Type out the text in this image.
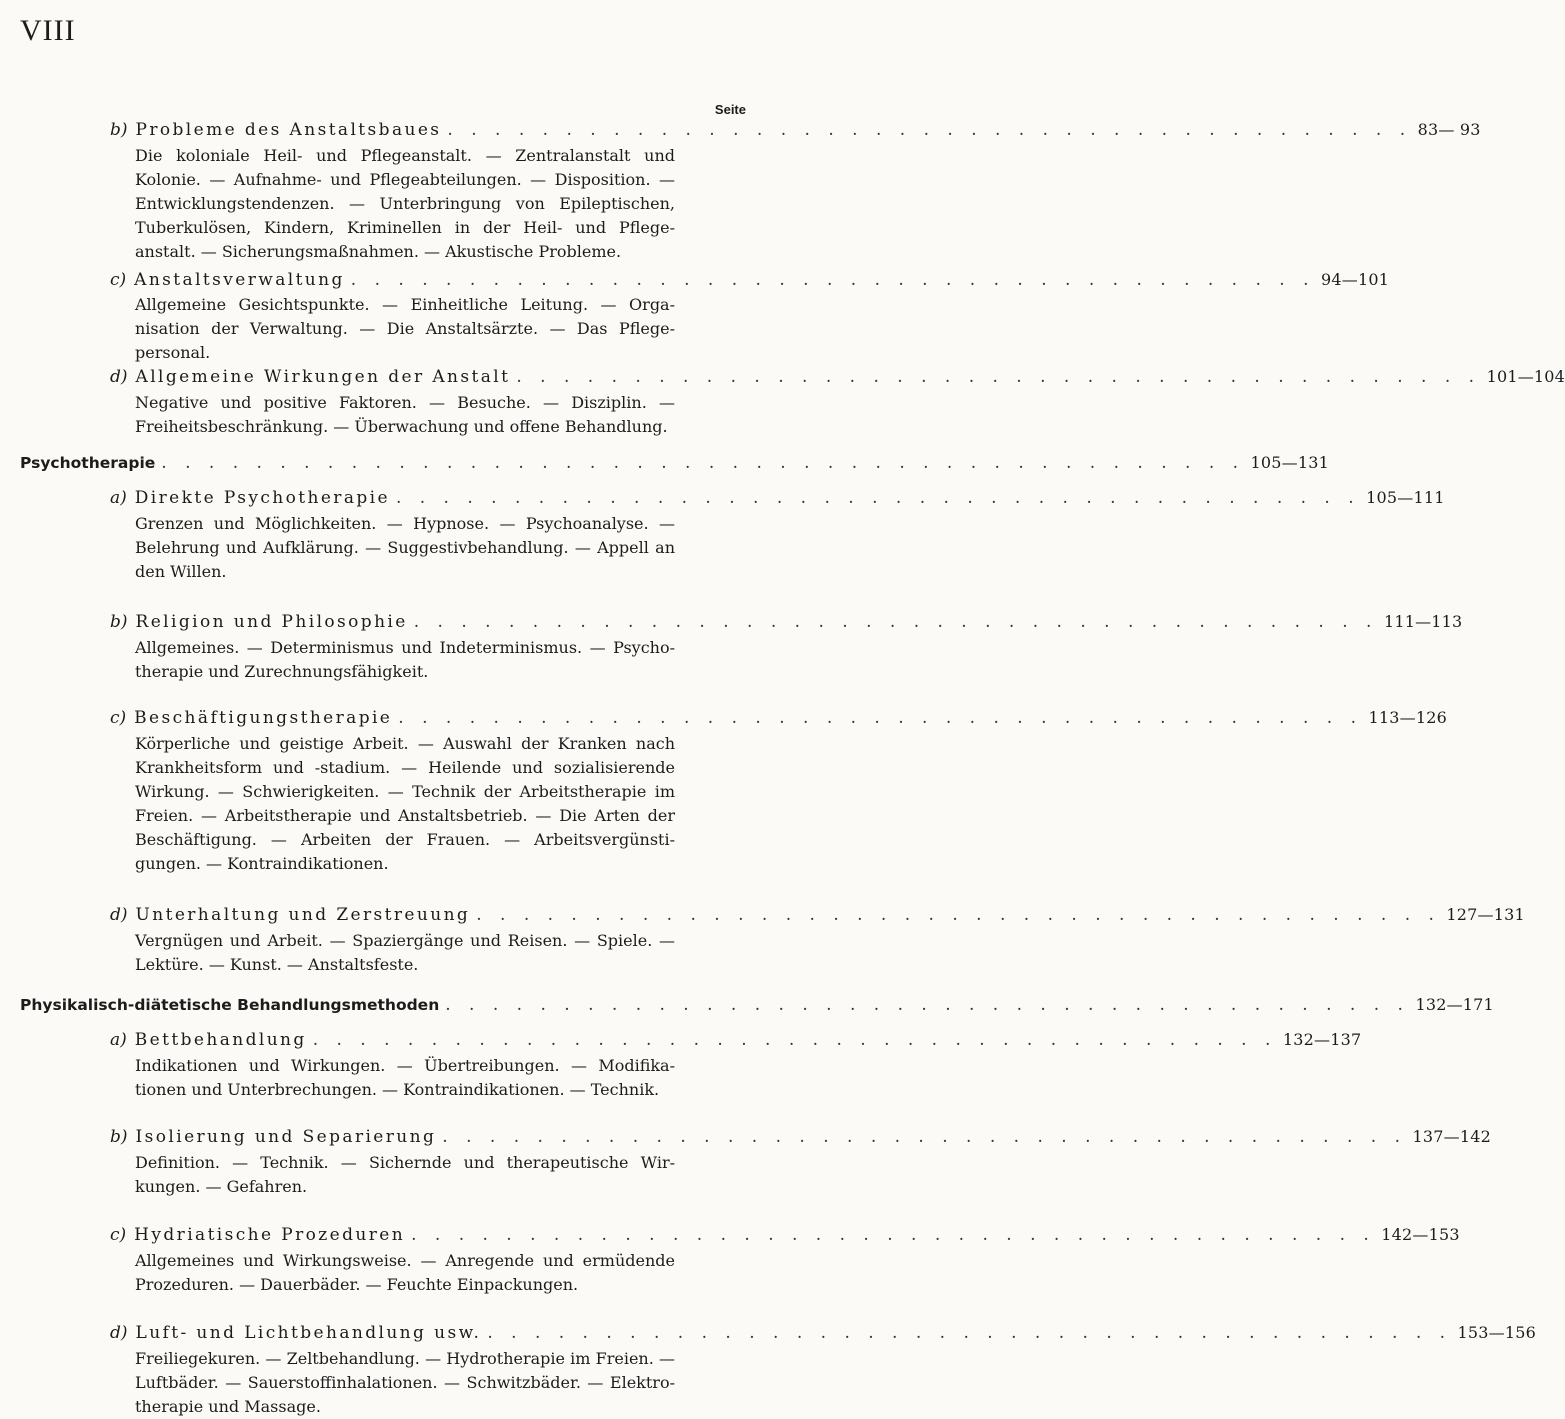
VIII
Seite
b) Probleme des Anstaltsbaues . . . . . . . . . . . . . . . . . . . . . . . . . . . . . . . . . . . . . . . . . 83— 93
Die koloniale Heil- und Pflegeanstalt. — Zentralanstalt und Kolonie. — Aufnahme- und Pflegeabteilungen. — Disposition. — Entwicklungstendenzen. — Unterbringung von Epileptischen, Tuberkulösen, Kindern, Kriminellen in der Heil- und Pflege-anstalt. — Sicherungsmaßnahmen. — Akustische Probleme.
c) Anstaltsverwaltung . . . . . . . . . . . . . . . . . . . . . . . . . . . . . . . . . . . . . . . . . 94—101
Allgemeine Gesichtspunkte. — Einheitliche Leitung. — Orga-nisation der Verwaltung. — Die Anstaltsärzte. — Das Pflege-personal.
d) Allgemeine Wirkungen der Anstalt . . . . . . . . . . . . . . . . . . . . . . . . . . . . . . . . . . . . . . . . . 101—104
Negative und positive Faktoren. — Besuche. — Disziplin. — Freiheitsbeschränkung. — Überwachung und offene Behandlung.
Psychotherapie . . . . . . . . . . . . . . . . . . . . . . . . . . . . . . . . . . . . . . . . . . . . . . 105—131
a) Direkte Psychotherapie . . . . . . . . . . . . . . . . . . . . . . . . . . . . . . . . . . . . . . . . . 105—111
Grenzen und Möglichkeiten. — Hypnose. — Psychoanalyse. — Belehrung und Aufklärung. — Suggestivbehandlung. — Appell an den Willen.
b) Religion und Philosophie . . . . . . . . . . . . . . . . . . . . . . . . . . . . . . . . . . . . . . . . . 111—113
Allgemeines. — Determinismus und Indeterminismus. — Psycho-therapie und Zurechnungsfähigkeit.
c) Beschäftigungstherapie . . . . . . . . . . . . . . . . . . . . . . . . . . . . . . . . . . . . . . . . . 113—126
Körperliche und geistige Arbeit. — Auswahl der Kranken nach Krankheitsform und -stadium. — Heilende und sozialisierende Wirkung. — Schwierigkeiten. — Technik der Arbeitstherapie im Freien. — Arbeitstherapie und Anstaltsbetrieb. — Die Arten der Beschäftigung. — Arbeiten der Frauen. — Arbeitsvergünsti-gungen. — Kontraindikationen.
d) Unterhaltung und Zerstreuung . . . . . . . . . . . . . . . . . . . . . . . . . . . . . . . . . . . . . . . . . 127—131
Vergnügen und Arbeit. — Spaziergänge und Reisen. — Spiele. — Lektüre. — Kunst. — Anstaltsfeste.
Physikalisch-diätetische Behandlungsmethoden . . . . . . . . . . . . . . . . . . . . . . . . . . . . . . . . . . . . . . . . . 132—171
a) Bettbehandlung . . . . . . . . . . . . . . . . . . . . . . . . . . . . . . . . . . . . . . . . . 132—137
Indikationen und Wirkungen. — Übertreibungen. — Modifika-tionen und Unterbrechungen. — Kontraindikationen. — Technik.
b) Isolierung und Separierung . . . . . . . . . . . . . . . . . . . . . . . . . . . . . . . . . . . . . . . . . 137—142
Definition. — Technik. — Sichernde und therapeutische Wir-kungen. — Gefahren.
c) Hydriatische Prozeduren . . . . . . . . . . . . . . . . . . . . . . . . . . . . . . . . . . . . . . . . . 142—153
Allgemeines und Wirkungsweise. — Anregende und ermüdende Prozeduren. — Dauerbäder. — Feuchte Einpackungen.
d) Luft- und Lichtbehandlung usw. . . . . . . . . . . . . . . . . . . . . . . . . . . . . . . . . . . . . . . . . . 153—156
Freiliegekuren. — Zeltbehandlung. — Hydrotherapie im Freien. — Luftbäder. — Sauerstoffinhalationen. — Schwitzbäder. — Elektro-therapie und Massage.
